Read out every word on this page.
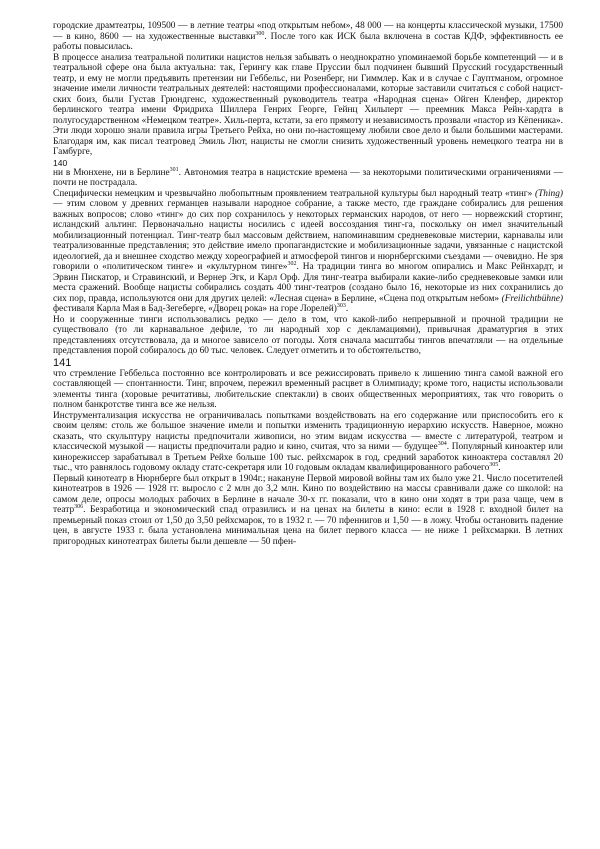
городские драмтеатры, 109500 — в летние театры «под открытым небом», 48 000 — на концерты классической музыки, 17500 — в кино, 8600 — на художественные выставки$^{300}$. После того как ИСК была включена в состав КДФ, эффективность ее работы повысилась.

В процессе анализа театральной политики нацистов нельзя забывать о неоднократно упоминаемой борьбе компетенций — и в театральной сфере она была актуальна: так, Герингу как главе Пруссии был подчинен бывший Прусский государственный театр, и ему не могли предъявить претензии ни Геббельс, ни Розенберг, ни Гиммлер. Как и в случае с Гауптманом, огромное значение имели личности театральных деятелей: настоящими профессионалами, которые заставили считаться с собой нацист-ских боиз, были Густав Грюндгенс, художественный руководитель театра «Народная сцена» Ойген Кленфер, директор берлинского театра имени Фридриха Шиллера Генрих Георге, Гейнц Хильперт — преемник Макса Рейн-хардта в полугосударственном «Немецком театре». Хиль-перта, кстати, за его прямоту и независимость прозвали «пастор из Кёпеника». Эти люди хорошо знали правила игры Третьего Рейха, но они по-настоящему любили свое дело и были большими мастерами. Благодаря им, как писал театровед Эмиль Лют, нацисты не смогли снизить художественный уровень немецкого театра ни в Гамбурге,

140

ни в Мюнхене, ни в Берлине$^{301}$. Автономия театра в нацистские времена — за некоторыми политическими ограничениями — почти не пострадала.

Специфически немецким и чрезвычайно любопытным проявлением театральной культуры был народный театр «тинг» (Thing) — этим словом у древних германцев называли народное собрание, а также место, где граждане собирались для решения важных вопросов; слово «тинг» до сих пор сохранилось у некоторых германских народов, от него — норвежский стортинг, исландский альтинг. Первоначально нацисты носились с идеей воссоздания тинг-га, поскольку он имел значительный мобилизационный потенциал. Тинг-театр был массовым действием, напоминавшим средневековые мистерии, карнавалы или театрализованные представления; это действие имело пропагандистские и мобилизационные задачи, увязанные с нацистской идеологией, да и внешнее сходство между хореографией и атмосферой тингов и нюрнбергскими съездами — очевидно. Не зря говорили о «политическом тинге» и «культурном тинге»$^{302}$. На традиции тинга во многом опирались и Макс Рейнхардт, и Эрвин Пискатор, и Стравинский, и Вернер Эгк, и Карл Орф. Для тинг-театра выбирали какие-либо средневековые замки или места сражений. Вообще нацисты собирались создать 400 тинг-театров (создано было 16, некоторые из них сохранились до сих пор, правда, используются они для других целей: «Лесная сцена» в Берлине, «Сцена под открытым небом» (Freilichtbühne) фестиваля Карла Мая в Бад-Зегеберге, «Дворец рока» на горе Лорелей)$^{303}$.

Но и сооруженные тинги использовались редко — дело в том, что какой-либо непрерывной и прочной традиции не существовало (то ли карнавальное дефиле, то ли народный хор с декламациями), привычная драматургия в этих представлениях отсутствовала, да и многое зависело от погоды. Хотя сначала масштабы тингов впечатляли — на отдельные представления порой собиралось до 60 тыс. человек. Следует отметить и то обстоятельство,

141

что стремление Геббельса постоянно все контролировать и все режиссировать привело к лишению тинга самой важной его составляющей — спонтанности. Тинг, впрочем, пережил временный расцвет в Олимпиаду; кроме того, нацисты использовали элементы тинга (хоровые речитативы, любительские спектакли) в своих общественных мероприятиях, так что говорить о полном банкротстве тинга все же нельзя.

Инструментализация искусства не ограничивалась попытками воздействовать на его содержание или приспособить его к своим целям: столь же большое значение имели и попытки изменить традиционную иерархию искусств. Наверное, можно сказать, что скульптуру нацисты предпочитали живописи, но этим видам искусства — вместе с литературой, театром и классической музыкой — нацисты предпочитали радио и кино, считая, что за ними — будущее$^{304}$. Популярный киноактер или кинорежиссер зарабатывал в Третьем Рейхе больше 100 тыс. рейхсмарок в год, средний заработок киноактера составлял 20 тыс., что равнялось годовому окладу статс-секретаря или 10 годовым окладам квалифицированного рабочего$^{305}$.

Первый кинотеатр в Нюрнберге был открыт в 1904г.; накануне Первой мировой войны там их было уже 21. Число посетителей кинотеатров в 1926 — 1928 гг. выросло с 2 млн до 3,2 млн. Кино по воздействию на массы сравнивали даже со школой: на самом деле, опросы молодых рабочих в Берлине в начале 30-х гг. показали, что в кино они ходят в три раза чаще, чем в театр$^{306}$. Безработица и экономический спад отразились и на ценах на билеты в кино: если в 1928 г. входной билет на премьерный показ стоил от 1,50 до 3,50 рейхсмарок, то в 1932 г. — 70 пфеннигов и 1,50 — в ложу. Чтобы остановить падение цен, в августе 1933 г. была установлена минимальная цена на билет первого класса — не ниже 1 рейхсмарки. В летних пригородных кинотеатрах билеты были дешевле — 50 пфен-
